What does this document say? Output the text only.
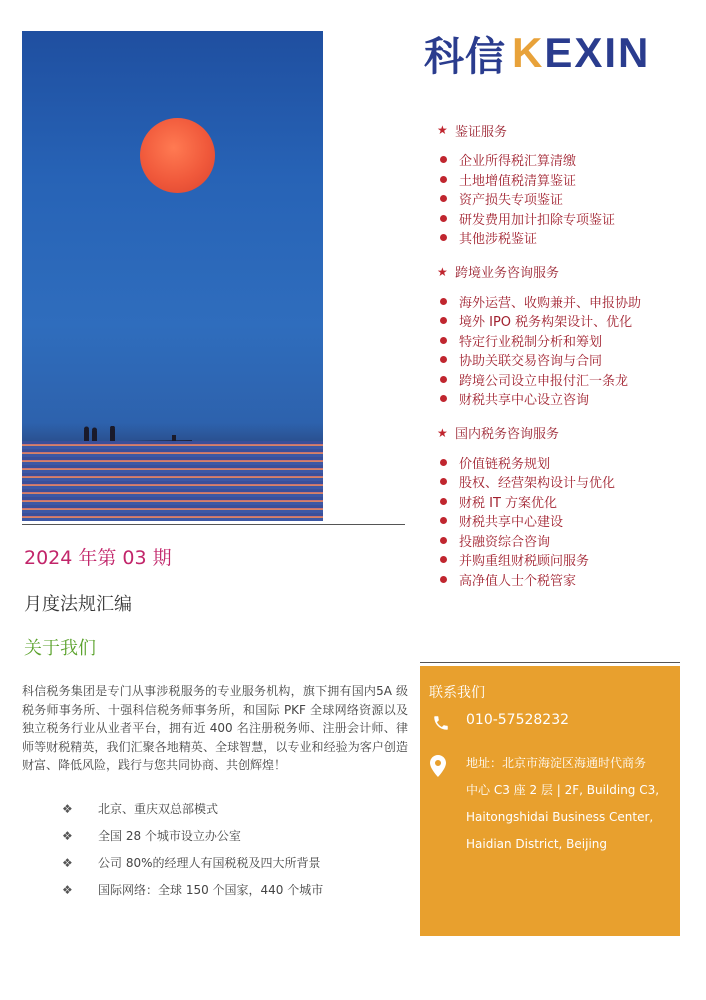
科信 KEXIN
★ 鉴证服务
企业所得税汇算清缴
土地增值税清算鉴证
资产损失专项鉴证
研发费用加计扣除专项鉴证
其他涉税鉴证
★ 跨境业务咨询服务
海外运营、收购兼并、申报协助
境外 IPO 税务构架设计、优化
特定行业税制分析和筹划
协助关联交易咨询与合同
跨境公司设立申报付汇一条龙
财税共享中心设立咨询
★ 国内税务咨询服务
价值链税务规划
股权、经营架构设计与优化
财税 IT 方案优化
财税共享中心建设
投融资综合咨询
并购重组财税顾问服务
高净值人士个税管家
2024 年第 03 期
月度法规汇编
关于我们
科信税务集团是专门从事涉税服务的专业服务机构，旗下拥有国内5A 级税务师事务所、十强科信税务师事务所，和国际 PKF 全球网络资源以及独立税务行业从业者平台，拥有近 400 名注册税务师、注册会计师、律师等财税精英，我们汇聚各地精英、全球智慧，以专业和经验为客户创造财富、降低风险，践行与您共同协商、共创辉煌！
❖	北京、重庆双总部模式
❖	全国 28 个城市设立办公室
❖	公司 80%的经理人有国税税及四大所背景
❖	国际网络：全球 150 个国家，440 个城市
联系我们
010-57528232
地址：北京市海淀区海通时代商务
中心 C3 座 2 层 | 2F, Building C3,
Haitongshidai Business Center,
Haidian District, Beijing
